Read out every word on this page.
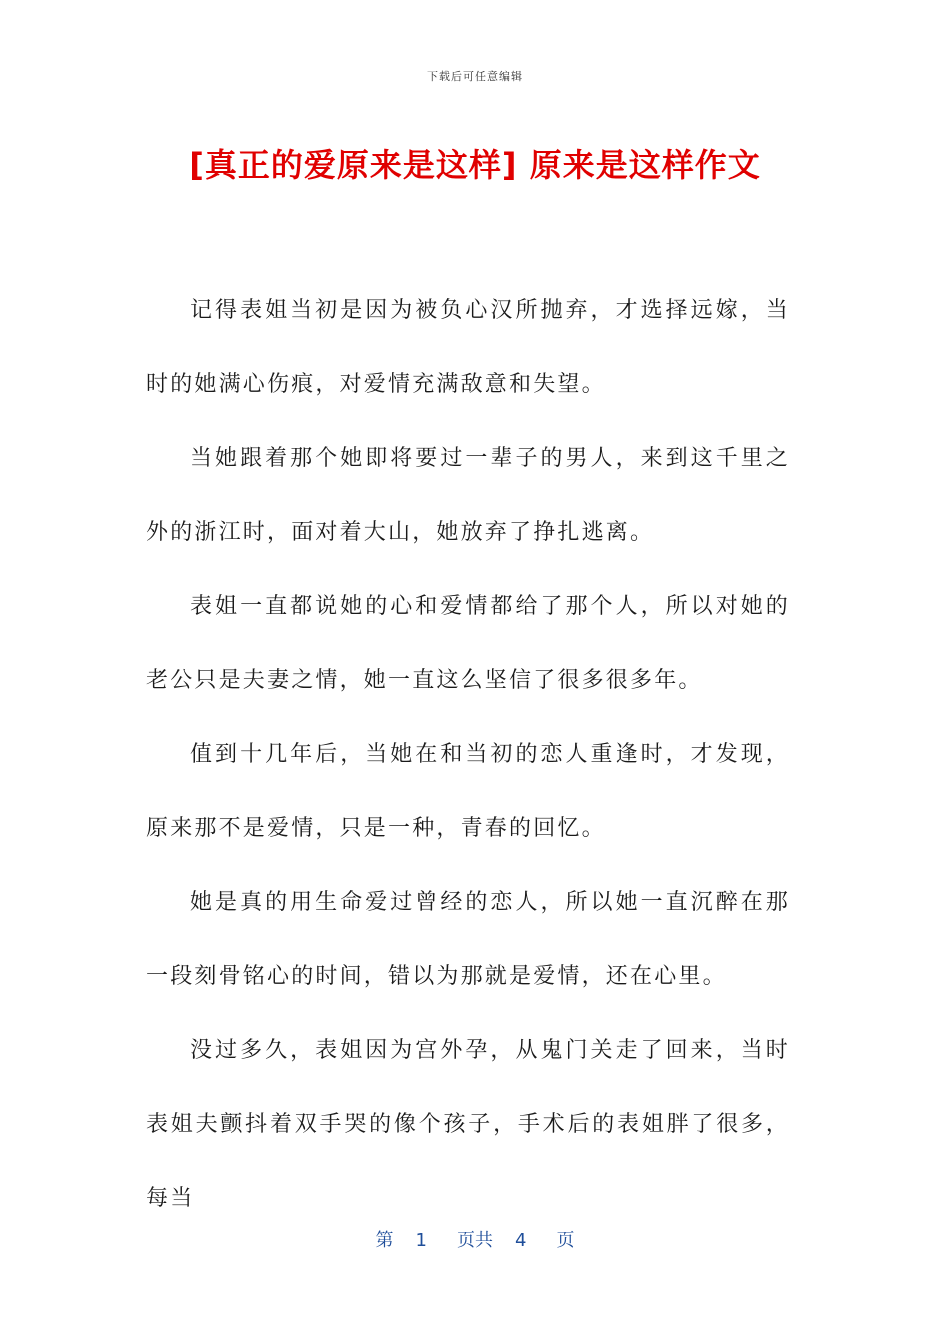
下载后可任意编辑
[真正的爱原来是这样] 原来是这样作文

记得表姐当初是因为被负心汉所抛弃，才选择远嫁，当时的她满心伤痕，对爱情充满敌意和失望。

当她跟着那个她即将要过一辈子的男人，来到这千里之外的浙江时，面对着大山，她放弃了挣扎逃离。

表姐一直都说她的心和爱情都给了那个人，所以对她的老公只是夫妻之情，她一直这么坚信了很多很多年。

值到十几年后，当她在和当初的恋人重逢时，才发现，原来那不是爱情，只是一种，青春的回忆。

她是真的用生命爱过曾经的恋人，所以她一直沉醉在那一段刻骨铭心的时间，错以为那就是爱情，还在心里。

没过多久，表姐因为宫外孕，从鬼门关走了回来，当时表姐夫颤抖着双手哭的像个孩子，手术后的表姐胖了很多，每当

第 1 页共 4 页
